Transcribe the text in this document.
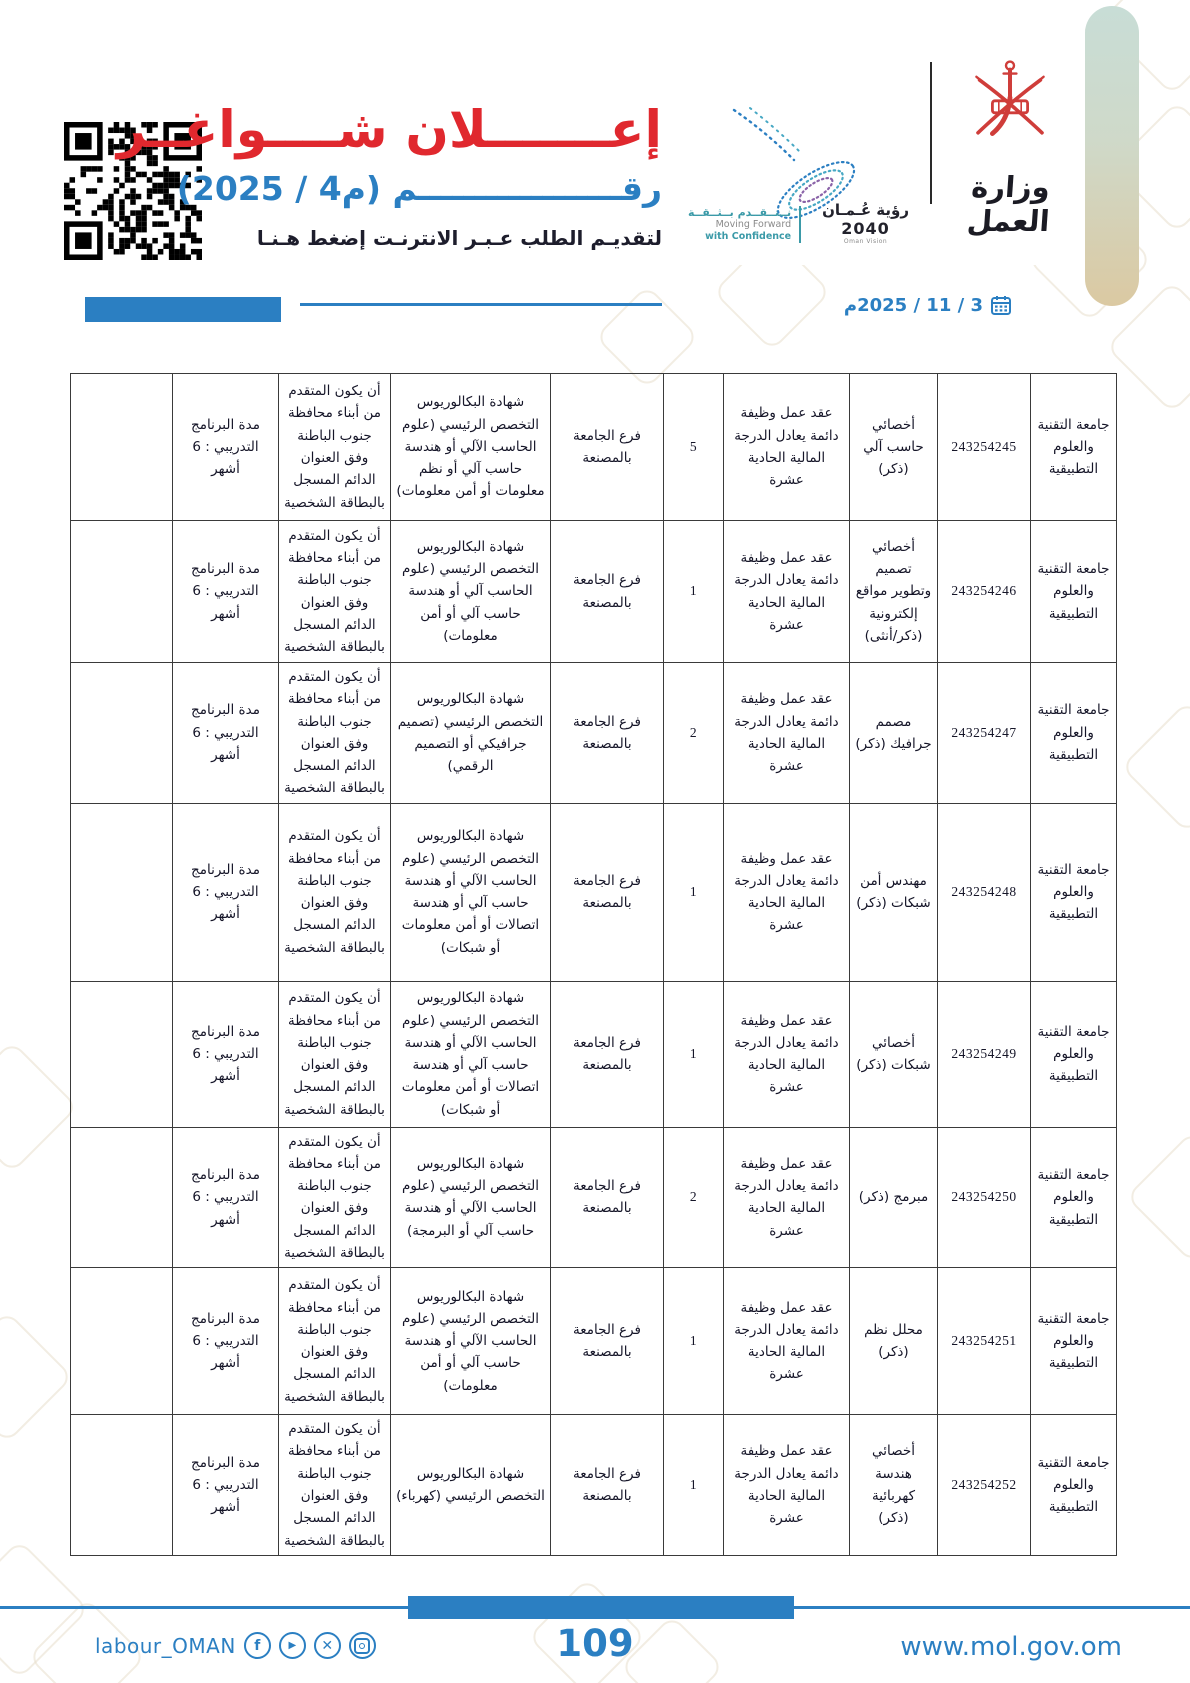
إعـــــــلان شــــواغــر
رقــــــــــــــــــم (م4 / 2025)
لتقديـم الطلب عـبـر الانترنـت إضغط هـنـا
نــتــقــدم بــثــقــة
Moving Forward
with Confidence
رؤية عُـمـان
2040
Oman Vision
وزارة العمل
3 / 11 / 2025م
جامعة التقنية والعلوم التطبيقية	243254245	أخصائي حاسب آلي (ذكر)	عقد عمل وظيفة دائمة يعادل الدرجة المالية الحادية عشرة	5	فرع الجامعة بالمصنعة	شهادة البكالوريوس التخصص الرئيسي (علوم الحاسب الآلي أو هندسة حاسب آلي أو نظم معلومات أو أمن معلومات)	أن يكون المتقدم من أبناء محافظة جنوب الباطنة وفق العنوان الدائم المسجل بالبطاقة الشخصية	مدة البرنامج التدريبي : 6 أشهر	
جامعة التقنية والعلوم التطبيقية	243254246	أخصائي تصميم وتطوير مواقع إلكترونية (ذكر/أنثى)	عقد عمل وظيفة دائمة يعادل الدرجة المالية الحادية عشرة	1	فرع الجامعة بالمصنعة	شهادة البكالوريوس التخصص الرئيسي (علوم الحاسب آلي أو هندسة حاسب آلي أو أمن معلومات)	أن يكون المتقدم من أبناء محافظة جنوب الباطنة وفق العنوان الدائم المسجل بالبطاقة الشخصية	مدة البرنامج التدريبي : 6 أشهر	
جامعة التقنية والعلوم التطبيقية	243254247	مصمم جرافيك (ذكر)	عقد عمل وظيفة دائمة يعادل الدرجة المالية الحادية عشرة	2	فرع الجامعة بالمصنعة	شهادة البكالوريوس التخصص الرئيسي (تصميم جرافيكي أو التصميم الرقمي)	أن يكون المتقدم من أبناء محافظة جنوب الباطنة وفق العنوان الدائم المسجل بالبطاقة الشخصية	مدة البرنامج التدريبي : 6 أشهر	
جامعة التقنية والعلوم التطبيقية	243254248	مهندس أمن شبكات (ذكر)	عقد عمل وظيفة دائمة يعادل الدرجة المالية الحادية عشرة	1	فرع الجامعة بالمصنعة	شهادة البكالوريوس التخصص الرئيسي (علوم الحاسب الآلي أو هندسة حاسب آلي أو هندسة اتصالات أو أمن معلومات أو شبكات)	أن يكون المتقدم من أبناء محافظة جنوب الباطنة وفق العنوان الدائم المسجل بالبطاقة الشخصية	مدة البرنامج التدريبي : 6 أشهر	
جامعة التقنية والعلوم التطبيقية	243254249	أخصائي شبكات (ذكر)	عقد عمل وظيفة دائمة يعادل الدرجة المالية الحادية عشرة	1	فرع الجامعة بالمصنعة	شهادة البكالوريوس التخصص الرئيسي (علوم الحاسب الآلي أو هندسة حاسب آلي أو هندسة اتصالات أو أمن معلومات أو شبكات)	أن يكون المتقدم من أبناء محافظة جنوب الباطنة وفق العنوان الدائم المسجل بالبطاقة الشخصية	مدة البرنامج التدريبي : 6 أشهر	
جامعة التقنية والعلوم التطبيقية	243254250	مبرمج (ذكر)	عقد عمل وظيفة دائمة يعادل الدرجة المالية الحادية عشرة	2	فرع الجامعة بالمصنعة	شهادة البكالوريوس التخصص الرئيسي (علوم الحاسب الآلي أو هندسة حاسب آلي أو البرمجة)	أن يكون المتقدم من أبناء محافظة جنوب الباطنة وفق العنوان الدائم المسجل بالبطاقة الشخصية	مدة البرنامج التدريبي : 6 أشهر	
جامعة التقنية والعلوم التطبيقية	243254251	محلل نظم (ذكر)	عقد عمل وظيفة دائمة يعادل الدرجة المالية الحادية عشرة	1	فرع الجامعة بالمصنعة	شهادة البكالوريوس التخصص الرئيسي (علوم الحاسب الآلي أو هندسة حاسب آلي أو أمن معلومات)	أن يكون المتقدم من أبناء محافظة جنوب الباطنة وفق العنوان الدائم المسجل بالبطاقة الشخصية	مدة البرنامج التدريبي : 6 أشهر	
جامعة التقنية والعلوم التطبيقية	243254252	أخصائي هندسة كهربائية (ذكر)	عقد عمل وظيفة دائمة يعادل الدرجة المالية الحادية عشرة	1	فرع الجامعة بالمصنعة	شهادة البكالوريوس التخصص الرئيسي (كهرباء)	أن يكون المتقدم من أبناء محافظة جنوب الباطنة وفق العنوان الدائم المسجل بالبطاقة الشخصية	مدة البرنامج التدريبي : 6 أشهر	
labour_OMAN	f	▶	✕	109	www.mol.gov.om
